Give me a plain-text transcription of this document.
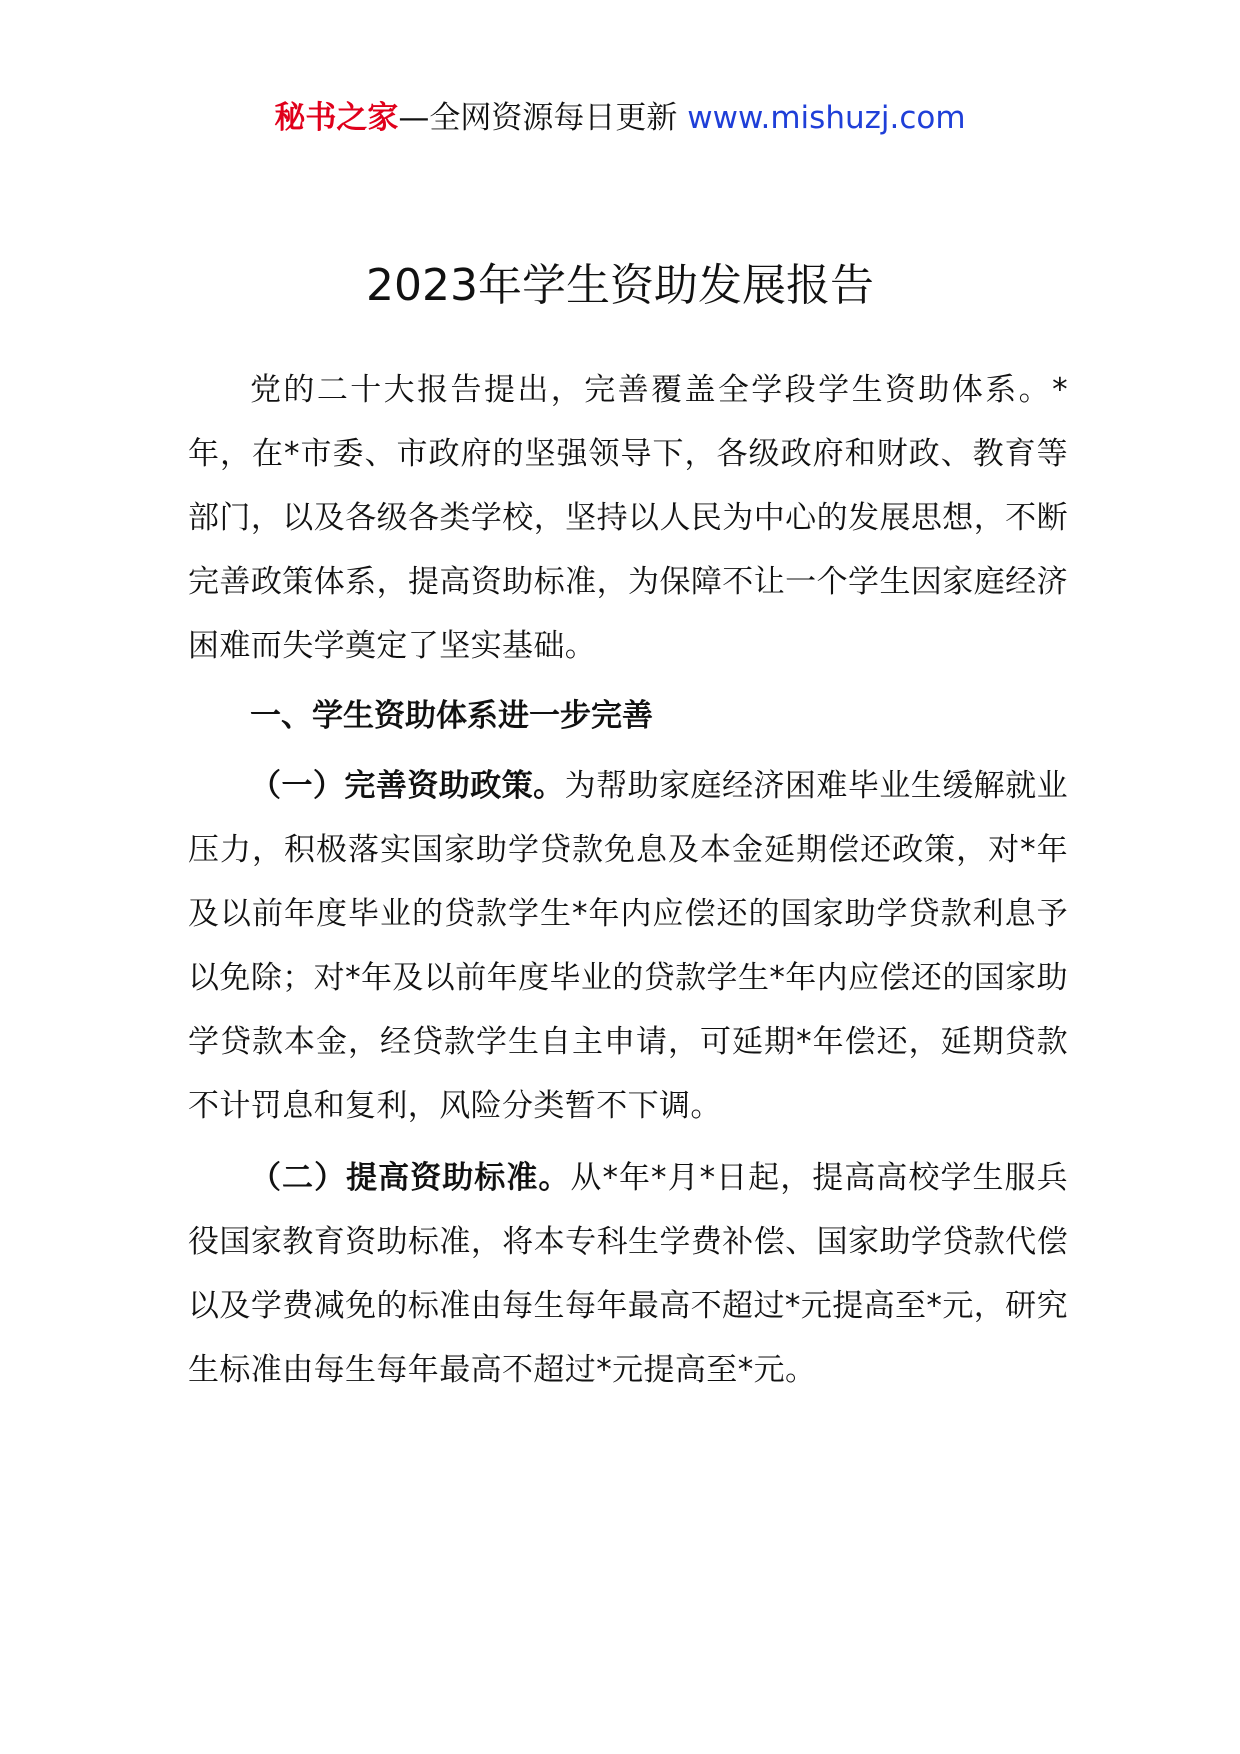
秘书之家—全网资源每日更新 www.mishuzj.com
2023年学生资助发展报告

党的二十大报告提出，完善覆盖全学段学生资助体系。*年，在*市委、市政府的坚强领导下，各级政府和财政、教育等部门，以及各级各类学校，坚持以人民为中心的发展思想，不断完善政策体系，提高资助标准，为保障不让一个学生因家庭经济困难而失学奠定了坚实基础。

一、学生资助体系进一步完善

（一）完善资助政策。为帮助家庭经济困难毕业生缓解就业压力，积极落实国家助学贷款免息及本金延期偿还政策，对*年及以前年度毕业的贷款学生*年内应偿还的国家助学贷款利息予以免除；对*年及以前年度毕业的贷款学生*年内应偿还的国家助学贷款本金，经贷款学生自主申请，可延期*年偿还，延期贷款不计罚息和复利，风险分类暂不下调。

（二）提高资助标准。从*年*月*日起，提高高校学生服兵役国家教育资助标准，将本专科生学费补偿、国家助学贷款代偿以及学费减免的标准由每生每年最高不超过*元提高至*元，研究生标准由每生每年最高不超过*元提高至*元。
